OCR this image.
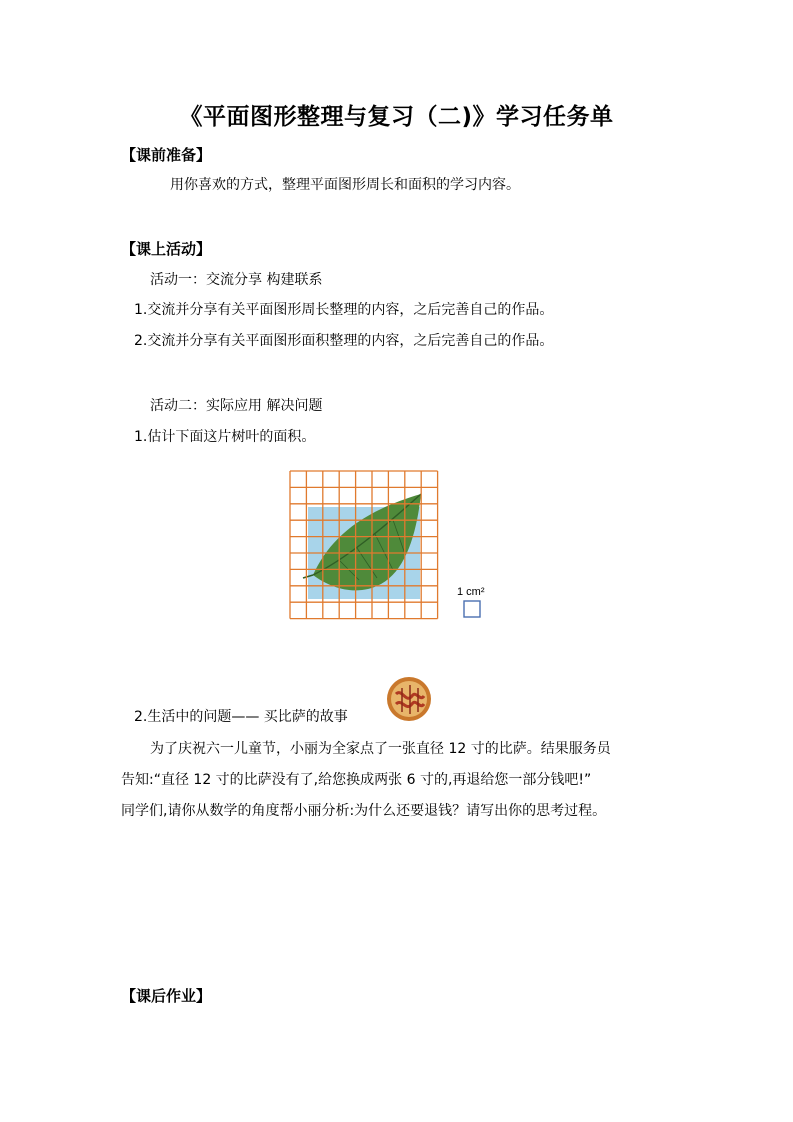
《平面图形整理与复习（二)》学习任务单
【课前准备】
用你喜欢的方式，整理平面图形周长和面积的学习内容。
【课上活动】
活动一：交流分享 构建联系
1.交流并分享有关平面图形周长整理的内容，之后完善自己的作品。
2.交流并分享有关平面图形面积整理的内容，之后完善自己的作品。
活动二：实际应用 解决问题
1.估计下面这片树叶的面积。
1 cm²
2.生活中的问题—— 买比萨的故事
为了庆祝六一儿童节，小丽为全家点了一张直径 12 寸的比萨。结果服务员
告知:“直径 12 寸的比萨没有了,给您换成两张 6 寸的,再退给您一部分钱吧!”
同学们,请你从数学的角度帮小丽分析:为什么还要退钱？请写出你的思考过程。
【课后作业】
